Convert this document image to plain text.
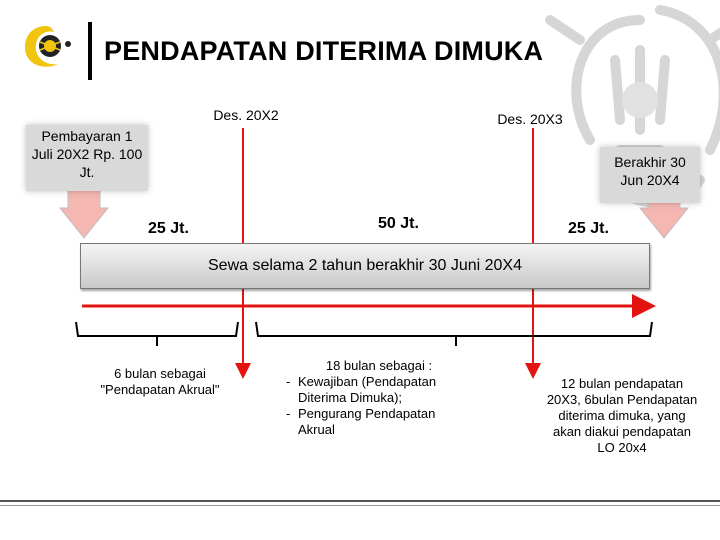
PENDAPATAN DITERIMA DIMUKA
Pembayaran 1 Juli 20X2 Rp. 100 Jt.
Berakhir 30 Jun 20X4
Des. 20X2	Des. 20X3
25 Jt.	50 Jt.	25 Jt.
Sewa selama 2 tahun berakhir 30 Juni 20X4
6 bulan sebagai "Pendapatan Akrual"
18 bulan sebagai :
- Kewajiban (Pendapatan Diterima Dimuka);
- Pengurang Pendapatan Akrual
12 bulan pendapatan 20X3, 6bulan Pendapatan diterima dimuka, yang akan diakui pendapatan LO 20x4
